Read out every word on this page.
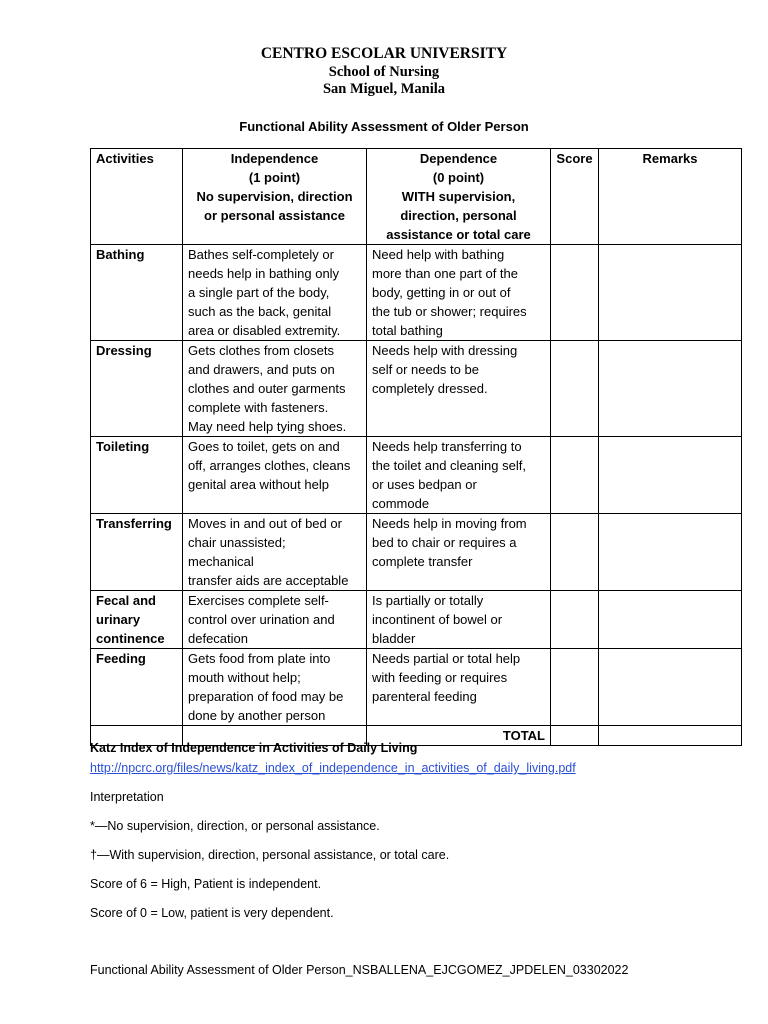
CENTRO ESCOLAR UNIVERSITY
School of Nursing
San Miguel, Manila
Functional Ability Assessment of Older Person
Activities	Independence
(1 point)
No supervision, direction
or personal assistance	Dependence
(0 point)
WITH supervision,
direction, personal
assistance or total care	Score	Remarks

Bathing	Bathes self-completely or
needs help in bathing only
a single part of the body,
such as the back, genital
area or disabled extremity.	Need help with bathing
more than one part of the
body, getting in or out of
the tub or shower; requires
total bathing		

Dressing	Gets clothes from closets
and drawers, and puts on
clothes and outer garments
complete with fasteners.
May need help tying shoes.	Needs help with dressing
self or needs to be
completely dressed.		

Toileting	Goes to toilet, gets on and
off, arranges clothes, cleans
genital area without help	Needs help transferring to
the toilet and cleaning self,
or uses bedpan or
commode		

Transferring	Moves in and out of bed or
chair unassisted;
mechanical
transfer aids are acceptable	Needs help in moving from
bed to chair or requires a
complete transfer		

Fecal and
urinary
continence	Exercises complete self-
control over urination and
defecation	Is partially or totally
incontinent of bowel or
bladder		

Feeding	Gets food from plate into
mouth without help;
preparation of food may be
done by another person	Needs partial or total help
with feeding or requires
parenteral feeding		

		TOTAL		
Katz Index of Independence in Activities of Daily Living
http://npcrc.org/files/news/katz_index_of_independence_in_activities_of_daily_living.pdf
Interpretation
*—No supervision, direction, or personal assistance.
†—With supervision, direction, personal assistance, or total care.
Score of 6 = High, Patient is independent.
Score of 0 = Low, patient is very dependent.
Functional Ability Assessment of Older Person_NSBALLENA_EJCGOMEZ_JPDELEN_03302022
